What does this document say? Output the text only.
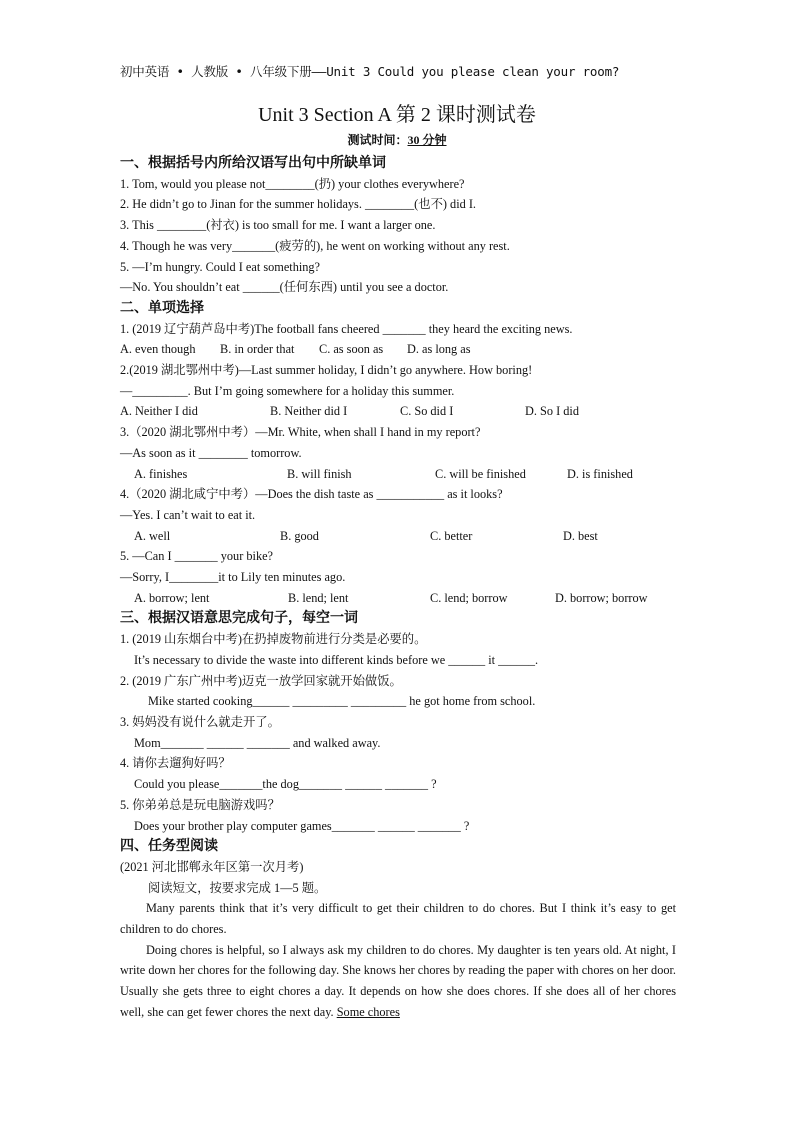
初中英语 • 人教版 • 八年级下册——Unit 3 Could you please clean your room?
Unit 3 Section A 第 2 课时测试卷
测试时间：30 分钟
一、根据括号内所给汉语写出句中所缺单词
1. Tom, would you please not________(扔) your clothes everywhere?
2. He didn’t go to Jinan for the summer holidays. ________(也不) did I.
3. This ________(衬衣) is too small for me. I want a larger one.
4. Though he was very_______(疲劳的), he went on working without any rest.
5. —I’m hungry. Could I eat something?
—No. You shouldn’t eat ______(任何东西) until you see a doctor.
二、单项选择
1. (2019 辽宁葫芦岛中考)The football fans cheered _______ they heard the exciting news.
A. even though	B. in order that	C. as soon as	D. as long as
2.(2019 湖北鄂州中考)—Last summer holiday, I didn’t go anywhere. How boring!
—_________. But I’m going somewhere for a holiday this summer.
A. Neither I did	B. Neither did I	C. So did I	D. So I did
3.（2020 湖北鄂州中考）—Mr. White, when shall I hand in my report?
—As soon as it ________ tomorrow.
A. finishes	B. will finish	C. will be finished	D. is finished
4.（2020 湖北咸宁中考）—Does the dish taste as ___________ as it looks?
—Yes. I can’t wait to eat it.
A. well	B. good	C. better	D. best
5. —Can I _______ your bike?
—Sorry, I________it to Lily ten minutes ago.
A. borrow; lent	B. lend; lent	C. lend; borrow	D. borrow; borrow
三、根据汉语意思完成句子，每空一词
1. (2019 山东烟台中考)在扔掉废物前进行分类是必要的。
It’s necessary to divide the waste into different kinds before we ______ it ______.
2. (2019 广东广州中考)迈克一放学回家就开始做饭。
Mike started cooking______ _________ _________ he got home from school.
3. 妈妈没有说什么就走开了。
Mom_______ ______ _______ and walked away.
4. 请你去遛狗好吗？
Could you please_______the dog_______ ______ _______ ?
5. 你弟弟总是玩电脑游戏吗？
Does your brother play computer games_______ ______ _______ ?
四、任务型阅读
(2021 河北邯郸永年区第一次月考)
阅读短文，按要求完成 1—5 题。
Many parents think that it’s very difficult to get their children to do chores. But I think it’s easy to get children to do chores.
Doing chores is helpful, so I always ask my children to do chores. My daughter is ten years old. At night, I write down her chores for the following day. She knows her chores by reading the paper with chores on her door. Usually she gets three to eight chores a day. It depends on how she does chores. If she does all of her chores well, she can get fewer chores the next day. Some chores
